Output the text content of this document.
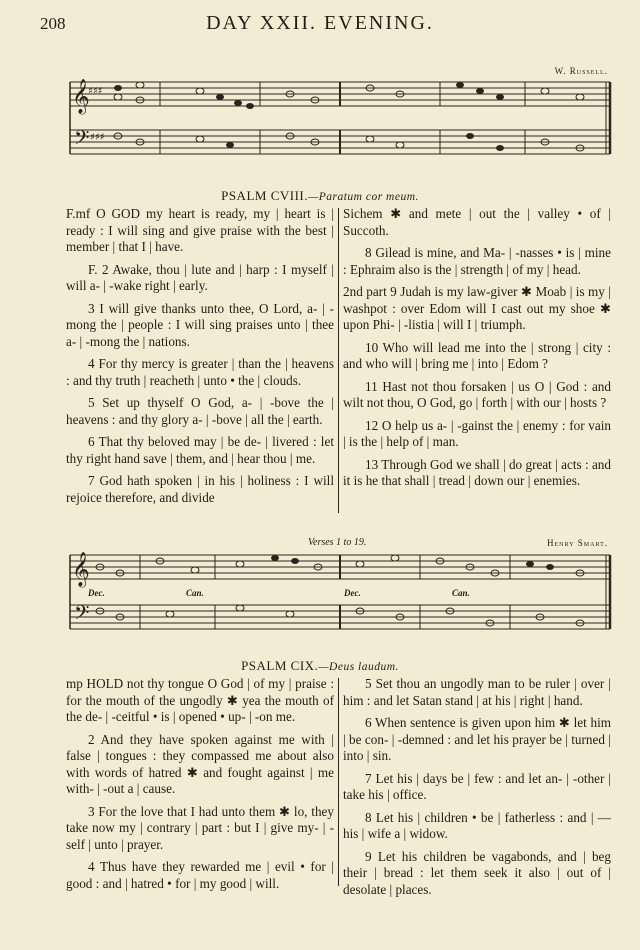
208	DAY XXII. EVENING.
W. Russell.
𝄞
𝄢
♯♯♯
♯♯♯
PSALM CVIII.—Paratum cor meum.

F.mf O GOD my heart is ready, my | heart is | ready : I will sing and give praise with the best | member | that I | have.

F. 2 Awake, thou | lute and | harp : I myself | will a- | -wake right | early.

3 I will give thanks unto thee, O Lord, a- | -mong the | people : I will sing praises unto | thee a- | -mong the | nations.

4 For thy mercy is greater | than the | heavens : and thy truth | reacheth | unto • the | clouds.

5 Set up thyself O God, a- | -bove the | heavens : and thy glory a- | -bove | all the | earth.

6 That thy beloved may | be de- | livered : let thy right hand save | them, and | hear thou | me.

7 God hath spoken | in his | holiness : I will rejoice therefore, and divide

Sichem ✱ and mete | out the | valley • of | Succoth.

8 Gilead is mine, and Ma- | -nasses • is | mine : Ephraim also is the | strength | of my | head.

2nd part 9 Judah is my law-giver ✱ Moab | is my | washpot : over Edom will I cast out my shoe ✱ upon Phi- | -listia | will I | triumph.

10 Who will lead me into the | strong | city : and who will | bring me | into | Edom ?

11 Hast not thou forsaken | us O | God : and wilt not thou, O God, go | forth | with our | hosts ?

12 O help us a- | -gainst the | enemy : for vain | is the | help of | man.

13 Through God we shall | do great | acts : and it is he that shall | tread | down our | enemies.

Verses 1 to 19.	Henry Smart.
𝄞
𝄢
Dec.	Can.	Dec.	Can.
PSALM CIX.—Deus laudum.

mp HOLD not thy tongue O God | of my | praise : for the mouth of the ungodly ✱ yea the mouth of the de- | -ceitful • is | opened • up- | -on me.

2 And they have spoken against me with | false | tongues : they compassed me about also with words of hatred ✱ and fought against | me with- | -out a | cause.

3 For the love that I had unto them ✱ lo, they take now my | contrary | part : but I | give my- | -self | unto | prayer.

4 Thus have they rewarded me | evil • for | good : and | hatred • for | my good | will.

5 Set thou an ungodly man to be ruler | over | him : and let Satan stand | at his | right | hand.

6 When sentence is given upon him ✱ let him | be con- | -demned : and let his prayer be | turned | into | sin.

7 Let his | days be | few : and let an- | -other | take his | office.

8 Let his | children • be | fatherless : and | — his | wife a | widow.

9 Let his children be vagabonds, and | beg their | bread : let them seek it also | out of | desolate | places.
